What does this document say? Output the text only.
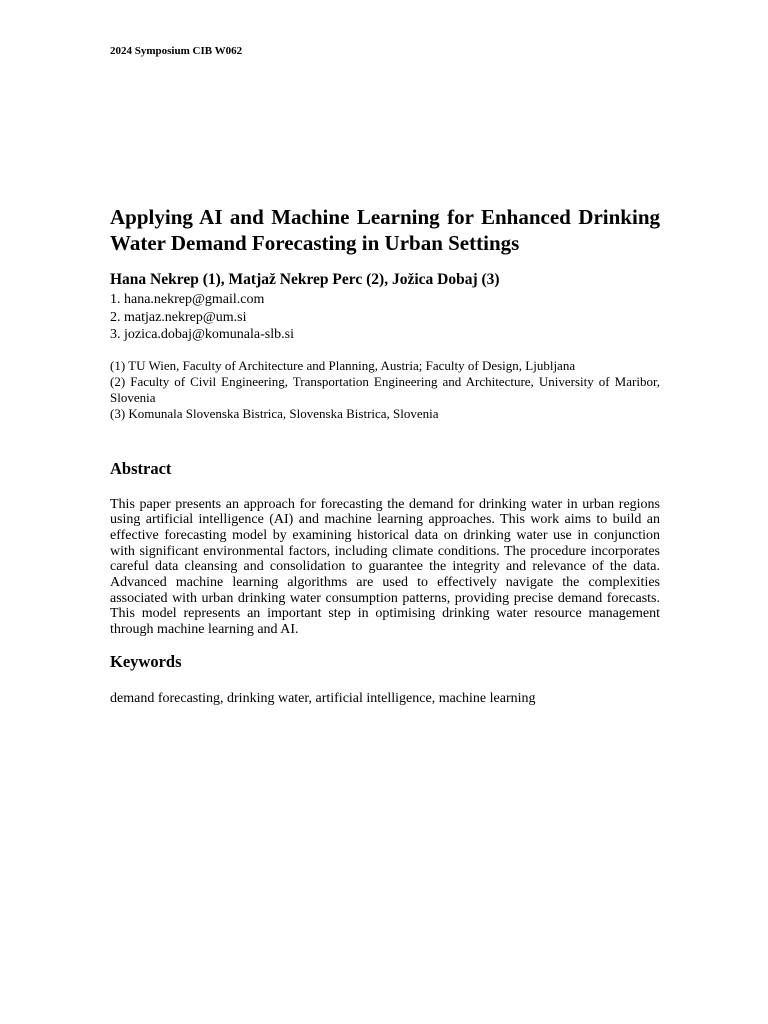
2024 Symposium CIB W062

Applying AI and Machine Learning for Enhanced Drinking Water Demand Forecasting in Urban Settings

Hana Nekrep (1), Matjaž Nekrep Perc (2), Jožica Dobaj (3)

1. hana.nekrep@gmail.com
2. matjaz.nekrep@um.si
3. jozica.dobaj@komunala-slb.si

(1) TU Wien, Faculty of Architecture and Planning, Austria; Faculty of Design, Ljubljana

(2) Faculty of Civil Engineering, Transportation Engineering and Architecture, University of Maribor, Slovenia

(3) Komunala Slovenska Bistrica, Slovenska Bistrica, Slovenia

Abstract

This paper presents an approach for forecasting the demand for drinking water in urban regions using artificial intelligence (AI) and machine learning approaches. This work aims to build an effective forecasting model by examining historical data on drinking water use in conjunction with significant environmental factors, including climate conditions. The procedure incorporates careful data cleansing and consolidation to guarantee the integrity and relevance of the data. Advanced machine learning algorithms are used to effectively navigate the complexities associated with urban drinking water consumption patterns, providing precise demand forecasts. This model represents an important step in optimising drinking water resource management through machine learning and AI.

Keywords

demand forecasting, drinking water, artificial intelligence, machine learning
